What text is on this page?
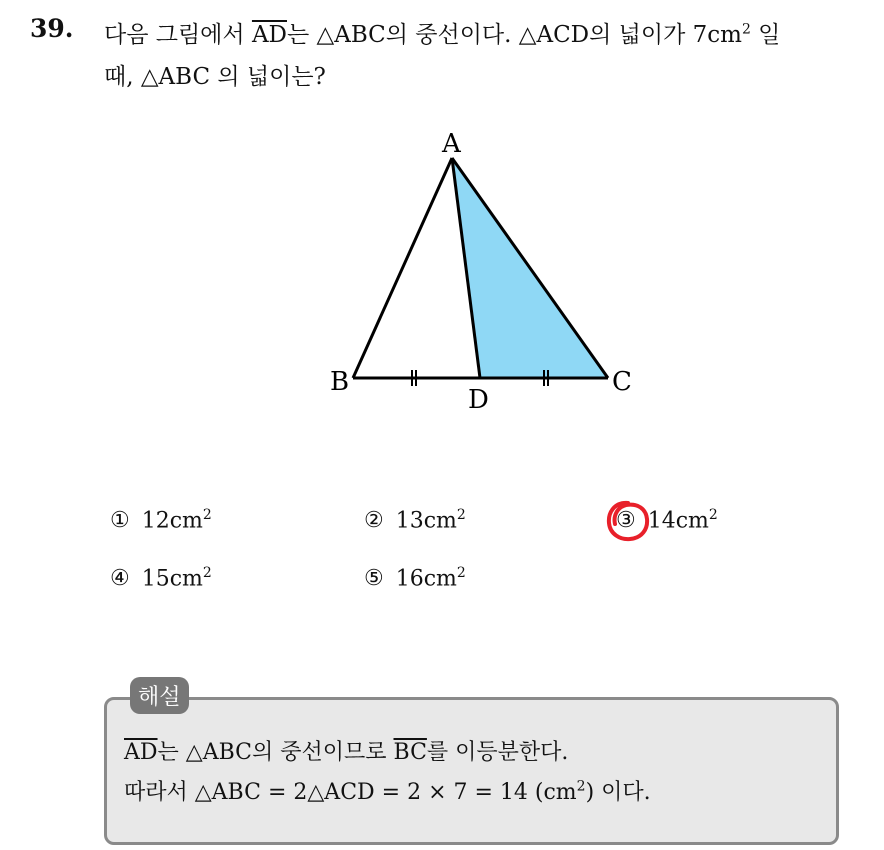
39. 다음 그림에서 $\overline{AD}$는 △ABC의 중선이다. △ACD의 넓이가 $7cm^2$ 일
때, △ABC 의 넓이는?
A
B	C
D
① $12cm^2$	② $13cm^2$	③ $14cm^2$
④ $15cm^2$	⑤ $16cm^2$
해설
$\overline{AD}$는 △ABC의 중선이므로 $\overline{BC}$를 이등분한다.
따라서 △ABC = 2△ACD = 2 × 7 = 14 $(cm^2)$ 이다.
